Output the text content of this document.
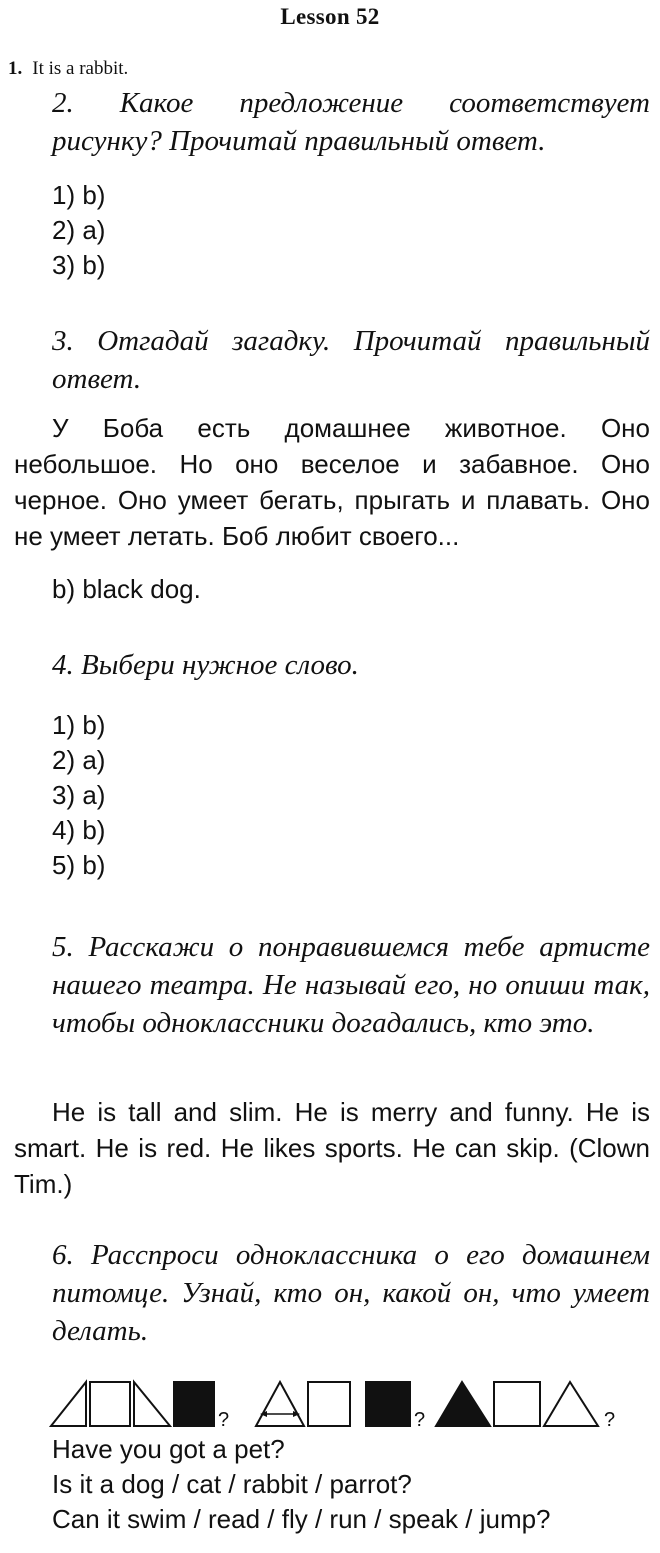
Lesson 52
1. It is a rabbit.
2. Какое предложение соответствует рисунку? Прочитай правильный ответ.
1) b)
2) a)
3) b)
3. Отгадай загадку. Прочитай правильный ответ.
У Боба есть домашнее животное. Оно небольшое. Но оно веселое и забавное. Оно черное. Оно умеет бегать, прыгать и плавать. Оно не умеет летать. Боб любит своего...
b) black dog.
4. Выбери нужное слово.
1) b)
2) a)
3) a)
4) b)
5) b)
5. Расскажи о понравившемся тебе артисте нашего театра. Не называй его, но опиши так, чтобы одноклассники догадались, кто это.
He is tall and slim. He is merry and funny. He is smart. He is red. He likes sports. He can skip. (Clown Tim.)
6. Расспроси одноклассника о его домашнем питомце. Узнай, кто он, какой он, что умеет делать.
?	?	?
Have you got a pet?
Is it a dog / cat / rabbit / parrot?
Can it swim / read / fly / run / speak / jump?
